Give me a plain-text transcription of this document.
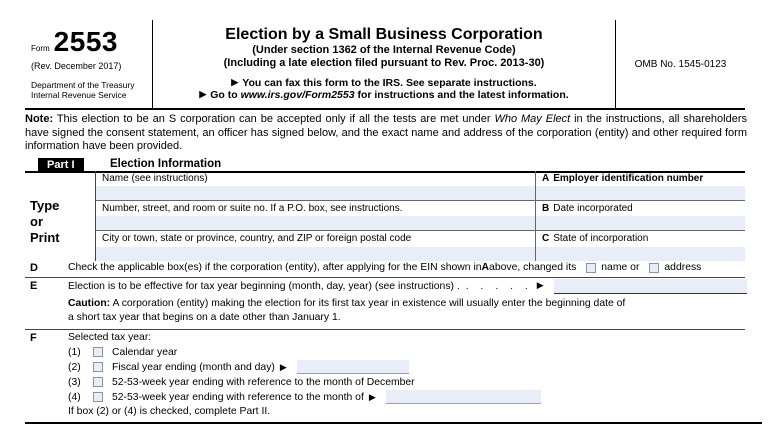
Form 2553
(Rev. December 2017)
Department of the Treasury
Internal Revenue Service
Election by a Small Business Corporation
(Under section 1362 of the Internal Revenue Code)
(Including a late election filed pursuant to Rev. Proc. 2013-30)
▶ You can fax this form to the IRS. See separate instructions.
▶ Go to www.irs.gov/Form2553 for instructions and the latest information.
OMB No. 1545-0123
Note: This election to be an S corporation can be accepted only if all the tests are met under Who May Elect in the instructions, all shareholders have signed the consent statement, an officer has signed below, and the exact name and address of the corporation (entity) and other required form information have been provided.
Part I	Election Information
Type
or
Print
Name (see instructions)	A Employer identification number
Number, street, and room or suite no. If a P.O. box, see instructions.	B Date incorporated
City or town, state or province, country, and ZIP or foreign postal code	C State of incorporation
D	Check the applicable box(es) if the corporation (entity), after applying for the EIN shown in A above, changed its name or address
E	Election is to be effective for tax year beginning (month, day, year) (see instructions) . . . . . .
▶
Caution: A corporation (entity) making the election for its first tax year in existence will usually enter the beginning date of a short tax year that begins on a date other than January 1.
F	Selected tax year:
(1)	Calendar year
(2)	Fiscal year ending (month and day)
▶
(3)	52-53-week year ending with reference to the month of December
(4)	52-53-week year ending with reference to the month of
▶
If box (2) or (4) is checked, complete Part II.
